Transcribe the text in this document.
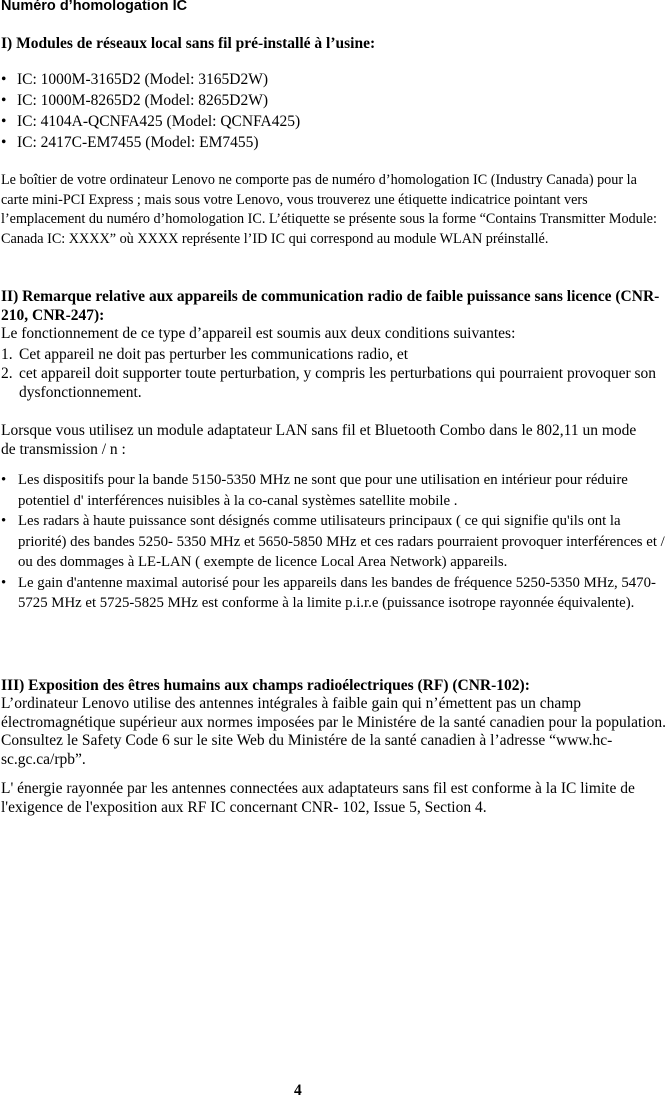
Numéro d’homologation IC
I) Modules de réseaux local sans fil pré-installé à l’usine:
• IC: 1000M-3165D2 (Model: 3165D2W)
• IC: 1000M-8265D2 (Model: 8265D2W)
• IC: 4104A-QCNFA425 (Model: QCNFA425)
• IC: 2417C-EM7455 (Model: EM7455)
Le boîtier de votre ordinateur Lenovo ne comporte pas de numéro d’homologation IC (Industry Canada) pour la carte mini-PCI Express ; mais sous votre Lenovo, vous trouverez une étiquette indicatrice pointant vers l’emplacement du numéro d’homologation IC. L’étiquette se présente sous la forme “Contains Transmitter Module: Canada IC: XXXX” où XXXX représente l’ID IC qui correspond au module WLAN préinstallé.
II) Remarque relative aux appareils de communication radio de faible puissance sans licence (CNR-210, CNR-247):
Le fonctionnement de ce type d’appareil est soumis aux deux conditions suivantes:
1. Cet appareil ne doit pas perturber les communications radio, et
2. cet appareil doit supporter toute perturbation, y compris les perturbations qui pourraient provoquer son dysfonctionnement.
Lorsque vous utilisez un module adaptateur LAN sans fil et Bluetooth Combo dans le 802,11 un mode de transmission / n :
• Les dispositifs pour la bande 5150-5350 MHz ne sont que pour une utilisation en intérieur pour réduire potentiel d' interférences nuisibles à la co-canal systèmes satellite mobile .
• Les radars à haute puissance sont désignés comme utilisateurs principaux ( ce qui signifie qu'ils ont la priorité) des bandes 5250- 5350 MHz et 5650-5850 MHz et ces radars pourraient provoquer interférences et / ou des dommages à LE-LAN ( exempte de licence Local Area Network) appareils.
• Le gain d'antenne maximal autorisé pour les appareils dans les bandes de fréquence 5250-5350 MHz, 5470-5725 MHz et 5725-5825 MHz est conforme à la limite p.i.r.e (puissance isotrope rayonnée équivalente).
III) Exposition des êtres humains aux champs radioélectriques (RF) (CNR-102):
L’ordinateur Lenovo utilise des antennes intégrales à faible gain qui n’émettent pas un champ électromagnétique supérieur aux normes imposées par le Ministére de la santé canadien pour la population. Consultez le Safety Code 6 sur le site Web du Ministére de la santé canadien à l’adresse “www.hc-sc.gc.ca/rpb”.
L' énergie rayonnée par les antennes connectées aux adaptateurs sans fil est conforme à la IC limite de l'exigence de l'exposition aux RF IC concernant CNR- 102, Issue 5, Section 4.
4
